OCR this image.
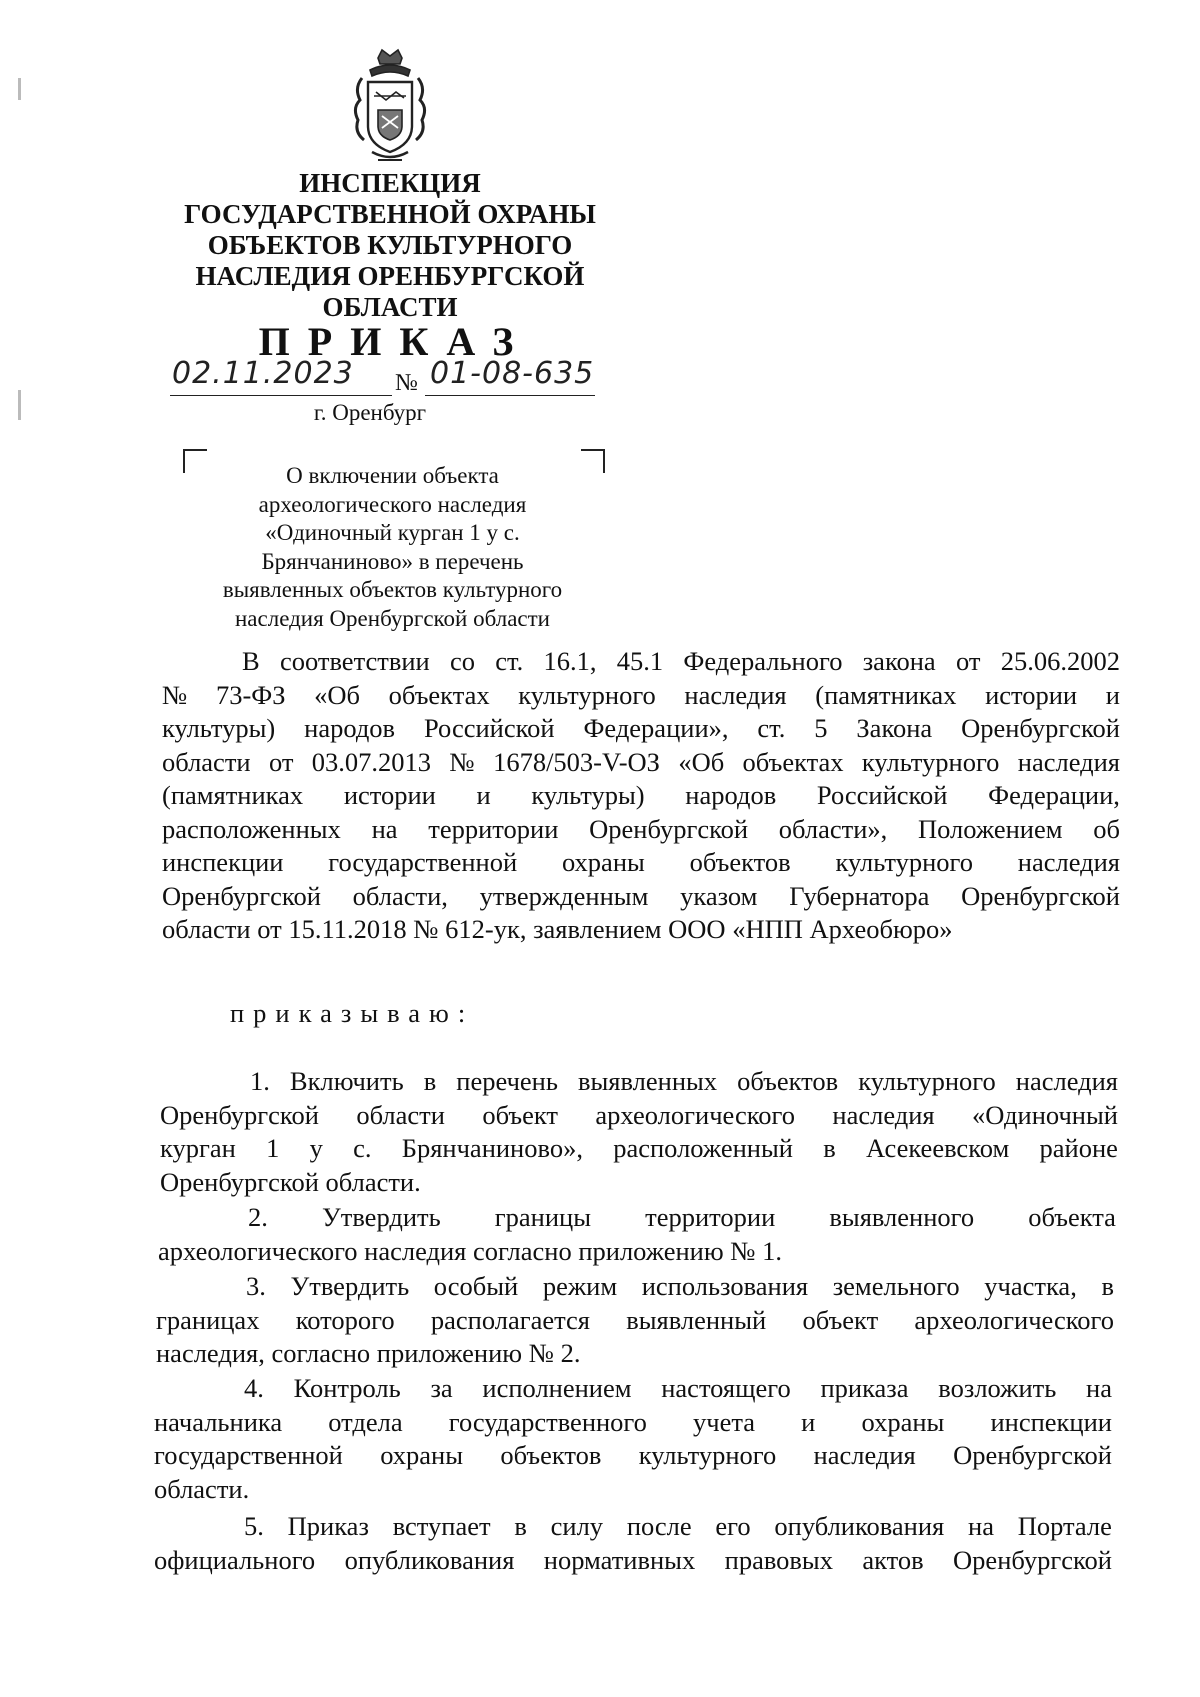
ИНСПЕКЦИЯ
ГОСУДАРСТВЕННОЙ ОХРАНЫ
ОБЪЕКТОВ КУЛЬТУРНОГО
НАСЛЕДИЯ ОРЕНБУРГСКОЙ
ОБЛАСТИ
ПРИКАЗ
02.11.2023 № 01-08-635
г. Оренбург
О включении объекта
археологического наследия
«Одиночный курган 1 у с.
Брянчаниново» в перечень
выявленных объектов культурного
наследия Оренбургской области
В соответствии со ст. 16.1, 45.1 Федерального закона от 25.06.2002
№ 73-ФЗ «Об объектах культурного наследия (памятниках истории и
культуры) народов Российской Федерации», ст. 5 Закона Оренбургской
области от 03.07.2013 № 1678/503-V-ОЗ «Об объектах культурного наследия
(памятниках истории и культуры) народов Российской Федерации,
расположенных на территории Оренбургской области», Положением об
инспекции государственной охраны объектов культурного наследия
Оренбургской области, утвержденным указом Губернатора Оренбургской
области от 15.11.2018 № 612-ук, заявлением ООО «НПП Археобюро»
приказываю:
1. Включить в перечень выявленных объектов культурного наследия
Оренбургской области объект археологического наследия «Одиночный
курган 1 у с. Брянчаниново», расположенный в Асекеевском районе
Оренбургской области.
2. Утвердить границы территории выявленного объекта
археологического наследия согласно приложению № 1.
3. Утвердить особый режим использования земельного участка, в
границах которого располагается выявленный объект археологического
наследия, согласно приложению № 2.
4. Контроль за исполнением настоящего приказа возложить на
начальника отдела государственного учета и охраны инспекции
государственной охраны объектов культурного наследия Оренбургской
области.
5. Приказ вступает в силу после его опубликования на Портале
официального опубликования нормативных правовых актов Оренбургской
